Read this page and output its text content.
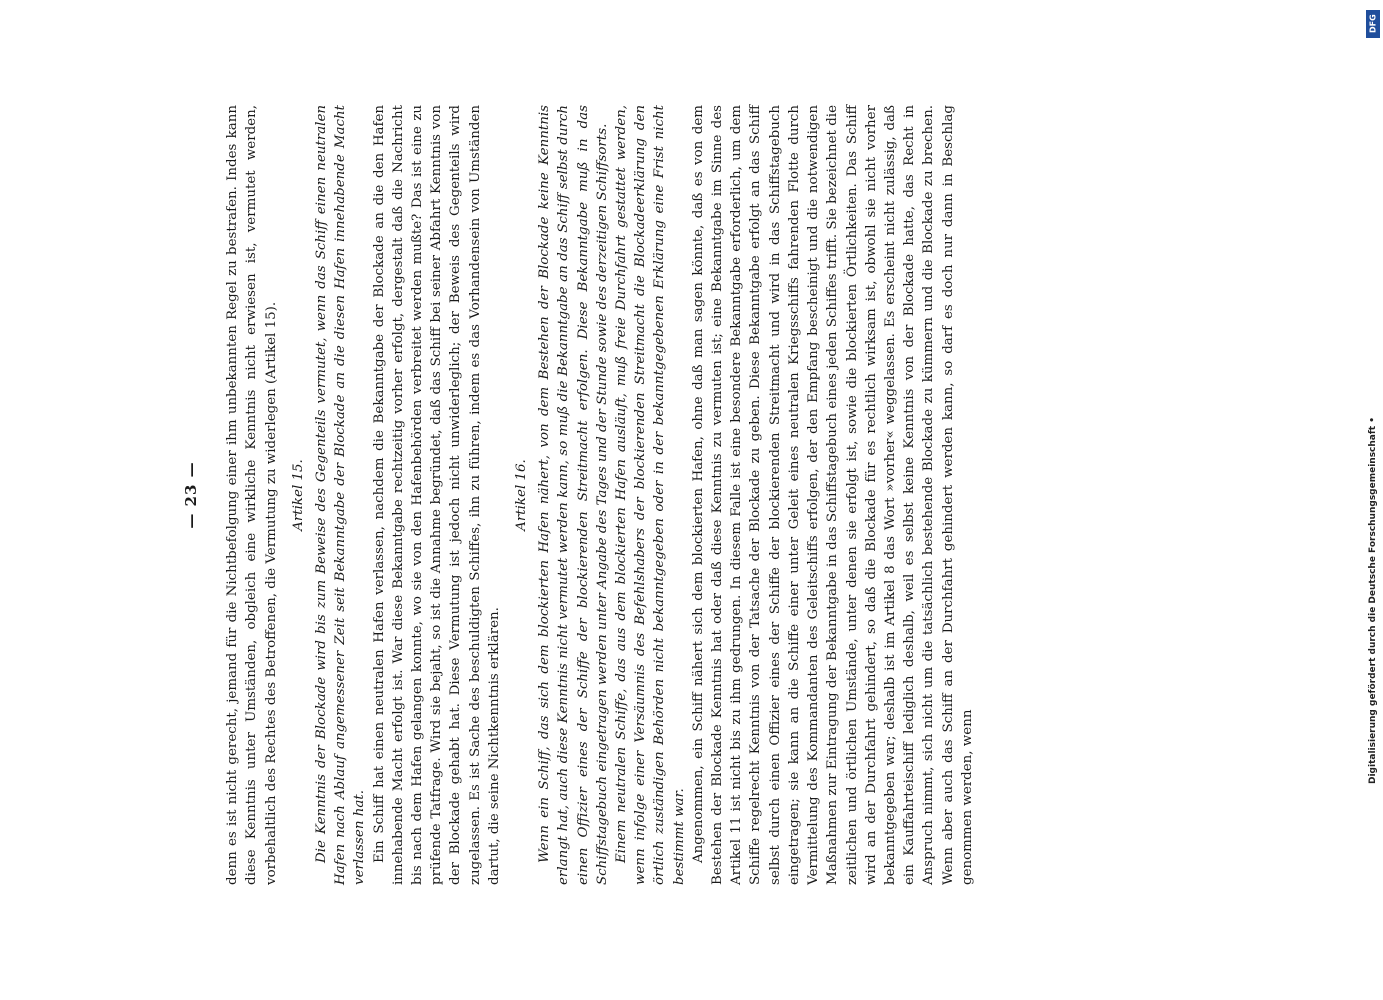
— 23 — denn es ist nicht gerecht, jemand für die Nichtbefolgung einer ihm unbekannten Regel zu bestrafen. Indes kann diese Kenntnis unter Umständen, obgleich eine wirkliche Kenntnis nicht erwiesen ist, vermutet werden, vorbehaltlich des Rechtes des Betroffenen, die Vermutung zu widerlegen (Artikel 15). Artikel 15. Die Kenntnis der Blockade wird bis zum Beweise des Gegenteils vermutet, wenn das Schiff einen neutralen Hafen nach Ablauf angemessener Zeit seit Bekanntgabe der Blockade an die diesen Hafen innehabende Macht verlassen hat. Ein Schiff hat einen neutralen Hafen verlassen, nachdem die Bekanntgabe der Blockade an die den Hafen innehabende Macht erfolgt ist. War diese Bekanntgabe rechtzeitig vorher erfolgt, dergestalt daß die Nachricht bis nach dem Hafen gelangen konnte, wo sie von den Hafenbehörden verbreitet werden mußte? Das ist eine zu prüfende Tatfrage. Wird sie bejaht, so ist die Annahme begründet, daß das Schiff bei seiner Abfahrt Kenntnis von der Blockade gehabt hat. Diese Vermutung ist jedoch nicht unwiderleglich; der Beweis des Gegenteils wird zugelassen. Es ist Sache des beschuldigten Schiffes, ihn zu führen, indem es das Vorhandensein von Umständen dartut, die seine Nichtkenntnis erklären.

Artikel 16. Wenn ein Schiff, das sich dem blockierten Hafen nähert, von dem Bestehen der Blockade keine Kenntnis erlangt hat, auch diese Kenntnis nicht vermutet werden kann, so muß die Bekanntgabe an das Schiff selbst durch einen Offizier eines der Schiffe der blockierenden Streitmacht erfolgen. Diese Bekanntgabe muß in das Schiffstagebuch eingetragen werden unter Angabe des Tages und der Stunde sowie des derzeitigen Schiffsorts. Einem neutralen Schiffe, das aus dem blockierten Hafen ausläuft, muß freie Durchfahrt gestattet werden, wenn infolge einer Versäumnis des Befehlshabers der blockierenden Streitmacht die Blockadeerklärung den örtlich zuständigen Behörden nicht bekanntgegeben oder in der bekanntgegebenen Erklärung eine Frist nicht bestimmt war. Angenommen, ein Schiff nähert sich dem blockierten Hafen, ohne daß man sagen könnte, daß es von dem Bestehen der Blockade Kenntnis hat oder daß diese Kenntnis zu vermuten ist; eine Bekanntgabe im Sinne des Artikel 11 ist nicht bis zu ihm gedrungen. In diesem Falle ist eine besondere Bekanntgabe erforderlich, um dem Schiffe regelrecht Kenntnis von der Tatsache der Blockade zu geben. Diese Bekanntgabe erfolgt an das Schiff selbst durch einen Offizier eines der Schiffe der blockierenden Streitmacht und wird in das Schiffstagebuch eingetragen; sie kann an die Schiffe einer unter Geleit eines neutralen Kriegsschiffs fahrenden Flotte durch Vermittelung des Kommandanten des Geleitschiffs erfolgen, der den Empfang bescheinigt und die notwendigen Maßnahmen zur Eintragung der Bekanntgabe in das Schiffstagebuch eines jeden Schiffes trifft. Sie bezeichnet die zeitlichen und örtlichen Umstände, unter denen sie erfolgt ist, sowie die blockierten Örtlichkeiten. Das Schiff wird an der Durchfahrt gehindert, so daß die Blockade für es rechtlich wirksam ist, obwohl sie nicht vorher bekanntgegeben war; deshalb ist im Artikel 8 das Wort »vorher« weggelassen. Es erscheint nicht zulässig, daß ein Kauffahrteischiff lediglich deshalb, weil es selbst keine Kenntnis von der Blockade hatte, das Recht in Anspruch nimmt, sich nicht um die tatsächlich bestehende Blockade zu kümmern und die Blockade zu brechen. Wenn aber auch das Schiff an der Durchfahrt gehindert werden kann, so darf es doch nur dann in Beschlag genommen werden, wenn

DFG
Digitalisierung gefördert durch die Deutsche Forschungsgemeinschaft •
